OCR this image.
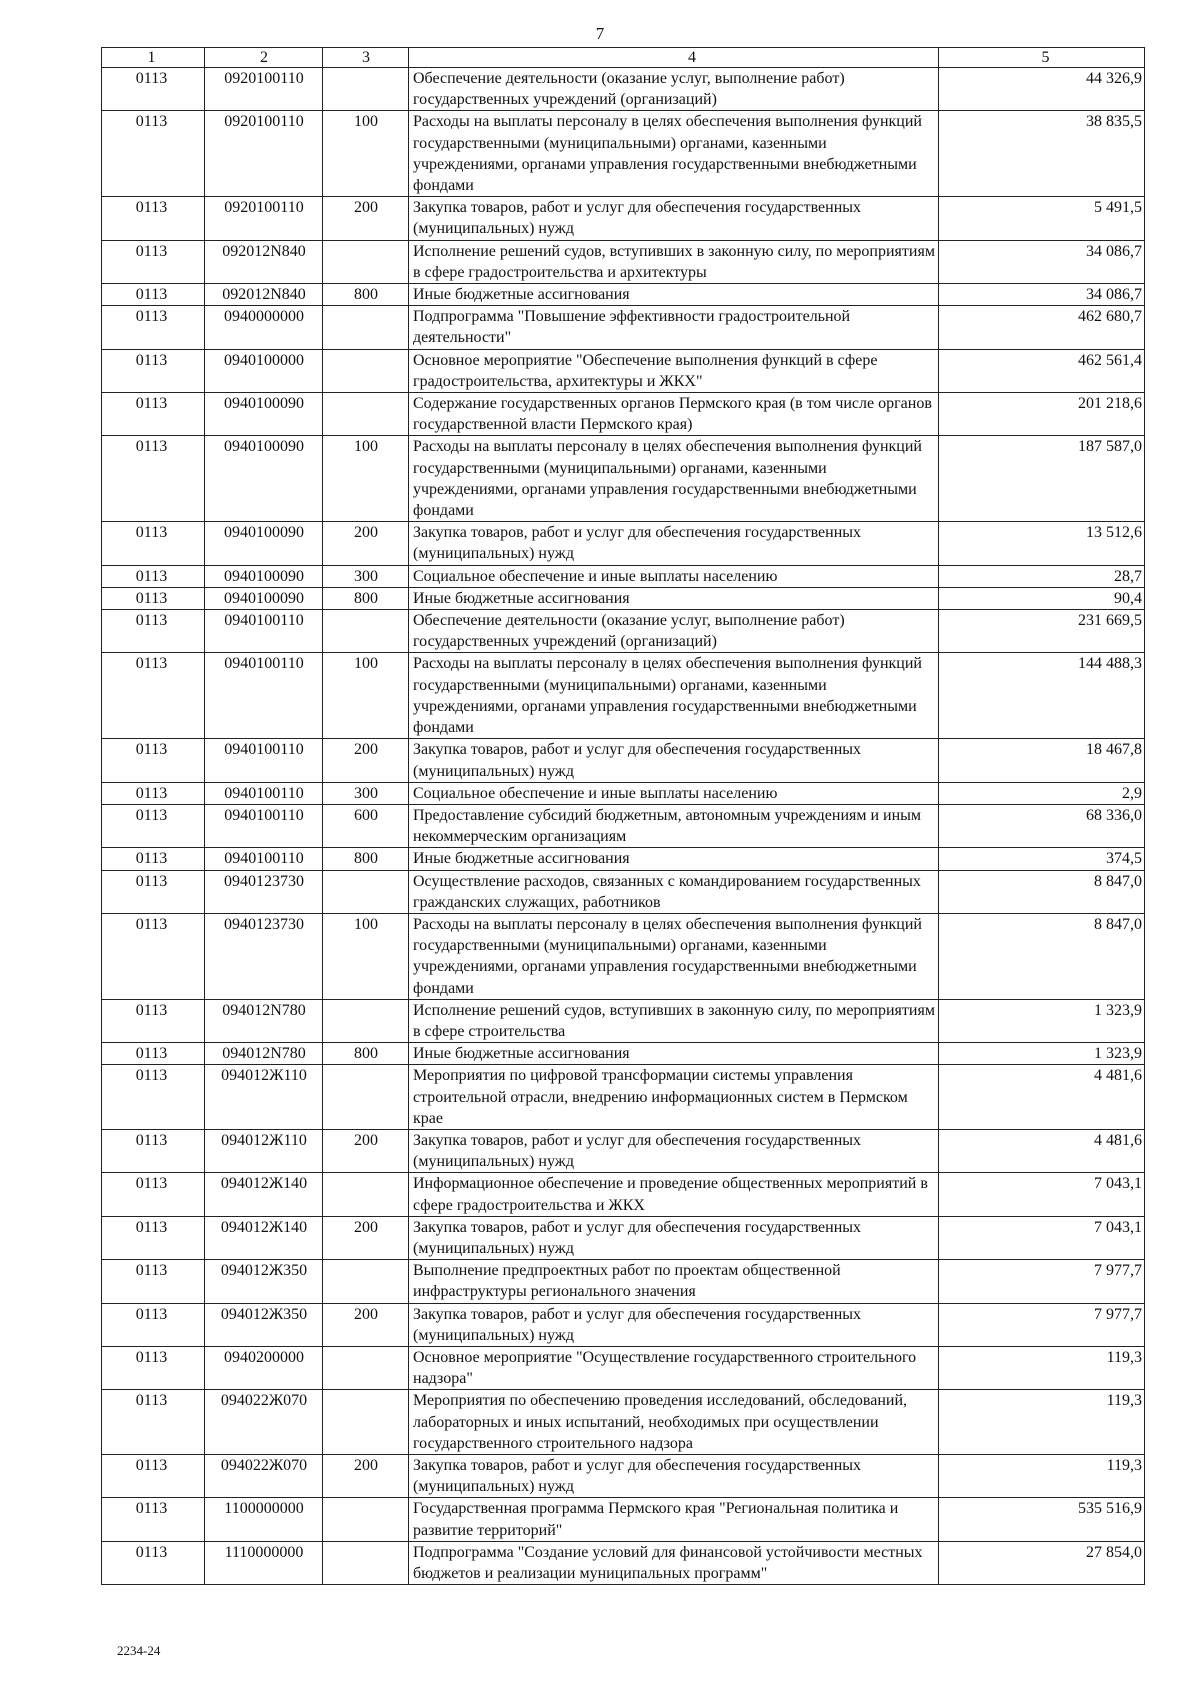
7
1	2	3	4	5
0113	0920100110		Обеспечение деятельности (оказание услуг, выполнение работ) государственных учреждений (организаций)	44 326,9
0113	0920100110	100	Расходы на выплаты персоналу в целях обеспечения выполнения функций государственными (муниципальными) органами, казенными учреждениями, органами управления государственными внебюджетными фондами	38 835,5
0113	0920100110	200	Закупка товаров, работ и услуг для обеспечения государственных (муниципальных) нужд	5 491,5
0113	092012N840		Исполнение решений судов, вступивших в законную силу, по мероприятиям в сфере градостроительства и архитектуры	34 086,7
0113	092012N840	800	Иные бюджетные ассигнования	34 086,7
0113	0940000000		Подпрограмма "Повышение эффективности градостроительной деятельности"	462 680,7
0113	0940100000		Основное мероприятие "Обеспечение выполнения функций в сфере градостроительства, архитектуры и ЖКХ"	462 561,4
0113	0940100090		Содержание государственных органов Пермского края (в том числе органов государственной власти Пермского края)	201 218,6
0113	0940100090	100	Расходы на выплаты персоналу в целях обеспечения выполнения функций государственными (муниципальными) органами, казенными учреждениями, органами управления государственными внебюджетными фондами	187 587,0
0113	0940100090	200	Закупка товаров, работ и услуг для обеспечения государственных (муниципальных) нужд	13 512,6
0113	0940100090	300	Социальное обеспечение и иные выплаты населению	28,7
0113	0940100090	800	Иные бюджетные ассигнования	90,4
0113	0940100110		Обеспечение деятельности (оказание услуг, выполнение работ) государственных учреждений (организаций)	231 669,5
0113	0940100110	100	Расходы на выплаты персоналу в целях обеспечения выполнения функций государственными (муниципальными) органами, казенными учреждениями, органами управления государственными внебюджетными фондами	144 488,3
0113	0940100110	200	Закупка товаров, работ и услуг для обеспечения государственных (муниципальных) нужд	18 467,8
0113	0940100110	300	Социальное обеспечение и иные выплаты населению	2,9
0113	0940100110	600	Предоставление субсидий бюджетным, автономным учреждениям и иным некоммерческим организациям	68 336,0
0113	0940100110	800	Иные бюджетные ассигнования	374,5
0113	0940123730		Осуществление расходов, связанных с командированием государственных гражданских служащих, работников	8 847,0
0113	0940123730	100	Расходы на выплаты персоналу в целях обеспечения выполнения функций государственными (муниципальными) органами, казенными учреждениями, органами управления государственными внебюджетными фондами	8 847,0
0113	094012N780		Исполнение решений судов, вступивших в законную силу, по мероприятиям в сфере строительства	1 323,9
0113	094012N780	800	Иные бюджетные ассигнования	1 323,9
0113	094012Ж110		Мероприятия по цифровой трансформации системы управления строительной отрасли, внедрению информационных систем в Пермском крае	4 481,6
0113	094012Ж110	200	Закупка товаров, работ и услуг для обеспечения государственных (муниципальных) нужд	4 481,6
0113	094012Ж140		Информационное обеспечение и проведение общественных мероприятий в сфере градостроительства и ЖКХ	7 043,1
0113	094012Ж140	200	Закупка товаров, работ и услуг для обеспечения государственных (муниципальных) нужд	7 043,1
0113	094012Ж350		Выполнение предпроектных работ по проектам общественной инфраструктуры регионального значения	7 977,7
0113	094012Ж350	200	Закупка товаров, работ и услуг для обеспечения государственных (муниципальных) нужд	7 977,7
0113	0940200000		Основное мероприятие "Осуществление государственного строительного надзора"	119,3
0113	094022Ж070		Мероприятия по обеспечению проведения исследований, обследований, лабораторных и иных испытаний, необходимых при осуществлении государственного строительного надзора	119,3
0113	094022Ж070	200	Закупка товаров, работ и услуг для обеспечения государственных (муниципальных) нужд	119,3
0113	1100000000		Государственная программа Пермского края "Региональная политика и развитие территорий"	535 516,9
0113	1110000000		Подпрограмма "Создание условий для финансовой устойчивости местных бюджетов и реализации муниципальных программ"	27 854,0
2234-24
